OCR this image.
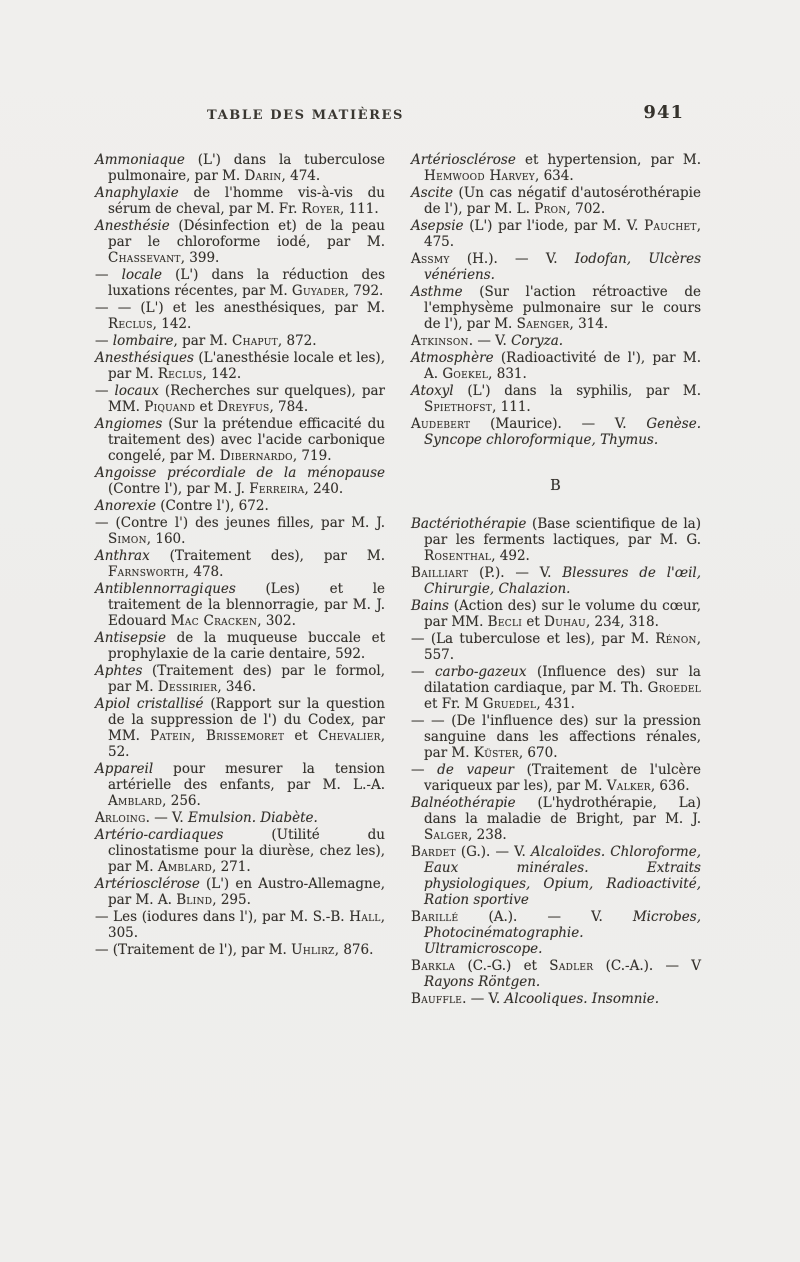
TABLE DES MATIÈRES	941
Ammoniaque (L') dans la tuberculose pulmonaire, par M. Darin, 474.
Anaphylaxie de l'homme vis-à-vis du sérum de cheval, par M. Fr. Royer, 111.
Anesthésie (Désinfection et) de la peau par le chloroforme iodé, par M. Chassevant, 399.
— locale (L') dans la réduction des luxations récentes, par M. Guyader, 792.
— — (L') et les anesthésiques, par M. Reclus, 142.
— lombaire, par M. Chaput, 872.
Anesthésiques (L'anesthésie locale et les), par M. Reclus, 142.
— locaux (Recherches sur quelques), par MM. Piquand et Dreyfus, 784.
Angiomes (Sur la prétendue efficacité du traitement des) avec l'acide carbonique congelé, par M. Dibernardo, 719.
Angoisse précordiale de la ménopause (Contre l'), par M. J. Ferreira, 240.
Anorexie (Contre l'), 672.
— (Contre l') des jeunes filles, par M. J. Simon, 160.
Anthrax (Traitement des), par M. Farnsworth, 478.
Antiblennorragiques (Les) et le traitement de la blennorragie, par M. J. Edouard Mac Cracken, 302.
Antisepsie de la muqueuse buccale et prophylaxie de la carie dentaire, 592.
Aphtes (Traitement des) par le formol, par M. Dessirier, 346.
Apiol cristallisé (Rapport sur la question de la suppression de l') du Codex, par MM. Patein, Brissemoret et Chevalier, 52.
Appareil pour mesurer la tension artérielle des enfants, par M. L.-A. Amblard, 256.
Arloing. — V. Emulsion. Diabète.
Artério-cardiaques (Utilité du clinostatisme pour la diurèse, chez les), par M. Amblard, 271.
Artériosclérose (L') en Austro-Allemagne, par M. A. Blind, 295.
— Les (iodures dans l'), par M. S.-B. Hall, 305.
— (Traitement de l'), par M. Uhlirz, 876.
Artériosclérose et hypertension, par M. Hemwood Harvey, 634.
Ascite (Un cas négatif d'autosérothérapie de l'), par M. L. Pron, 702.
Asepsie (L') par l'iode, par M. V. Pauchet, 475.
Assmy (H.). — V. Iodofan, Ulcères vénériens.
Asthme (Sur l'action rétroactive de l'emphysème pulmonaire sur le cours de l'), par M. Saenger, 314.
Atkinson. — V. Coryza.
Atmosphère (Radioactivité de l'), par M. A. Goekel, 831.
Atoxyl (L') dans la syphilis, par M. Spiethofst, 111.
Audebert (Maurice). — V. Genèse. Syncope chloroformique, Thymus.
B
Bactériothérapie (Base scientifique de la) par les ferments lactiques, par M. G. Rosenthal, 492.
Bailliart (P.). — V. Blessures de l'œil, Chirurgie, Chalazion.
Bains (Action des) sur le volume du cœur, par MM. Becli et Duhau, 234, 318.
— (La tuberculose et les), par M. Rénon, 557.
— carbo-gazeux (Influence des) sur la dilatation cardiaque, par M. Th. Groedel et Fr. M Gruedel, 431.
— — (De l'influence des) sur la pression sanguine dans les affections rénales, par M. Küster, 670.
— de vapeur (Traitement de l'ulcère variqueux par les), par M. Valker, 636.
Balnéothérapie (L'hydrothérapie, La) dans la maladie de Bright, par M. J. Salger, 238.
Bardet (G.). — V. Alcaloïdes. Chloroforme, Eaux minérales. Extraits physiologiques, Opium, Radioactivité, Ration sportive
Barillé (A.). — V. Microbes, Photocinématographie. Ultramicroscope.
Barkla (C.-G.) et Sadler (C.-A.). — V Rayons Röntgen.
Bauffle. — V. Alcooliques. Insomnie.
